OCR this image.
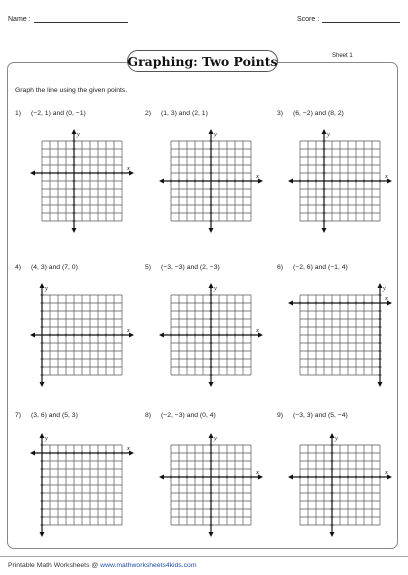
Name :	Score :
Graphing: Two Points	Sheet 1
Graph the line using the given points.
1) (−2, 1) and (0, −1)
x
y
2) (1, 3) and (2, 1)
x
y
3) (6, −2) and (8, 2)
x
y
4) (4, 3) and (7, 0)
x
y
5) (−3, −3) and (2, −3)
x
y
6) (−2, 6) and (−1, 4)
x
y
7) (3, 6) and (5, 3)
x
y
8) (−2, −3) and (0, 4)
x
y
9) (−3, 3) and (5, −4)
x
y
Printable Math Worksheets @ www.mathworksheets4kids.com
